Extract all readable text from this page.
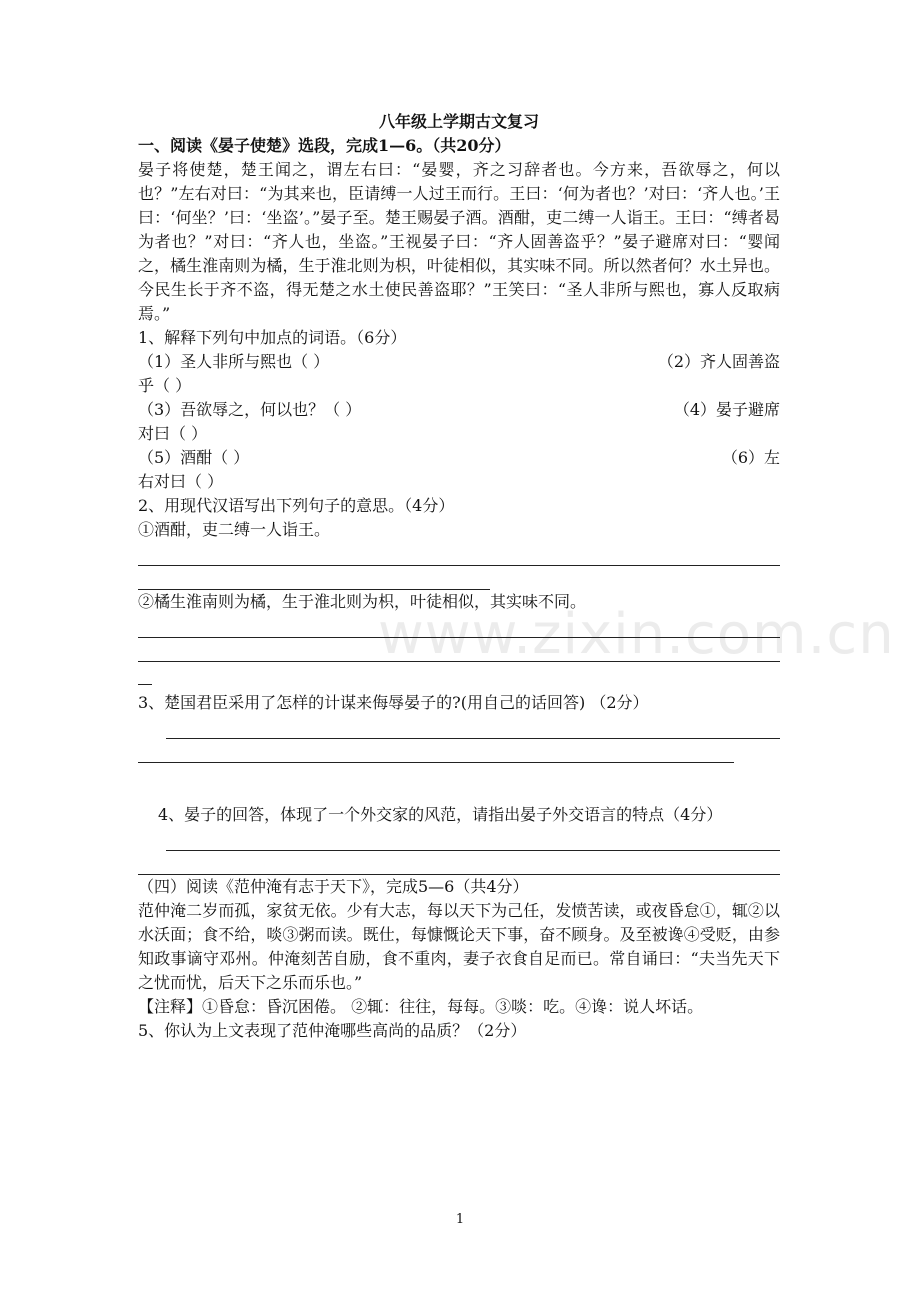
www.zixin.com.cn
八年级上学期古文复习

一、阅读《晏子使楚》选段，完成1—6。（共20分）

晏子将使楚，楚王闻之，谓左右曰：“晏婴，齐之习辞者也。今方来，吾欲辱之，何以也？”左右对曰：“为其来也，臣请缚一人过王而行。王曰：‘何为者也？’对曰：‘齐人也。’王曰：‘何坐？’曰：‘坐盗’。”晏子至。楚王赐晏子酒。酒酣，吏二缚一人诣王。王曰：“缚者曷为者也？”对曰：“齐人也，坐盗。”王视晏子曰：“齐人固善盗乎？”晏子避席对曰：“婴闻之，橘生淮南则为橘，生于淮北则为枳，叶徒相似，其实味不同。所以然者何？水土异也。今民生长于齐不盗，得无楚之水土使民善盗耶？”王笑曰：“圣人非所与熙也，寡人反取病焉。”

1、解释下列句中加点的词语。（6分）

（1）圣人非所与熙也（ ）	（2）齐人固善盗

乎（ ）

（3）吾欲辱之，何以也？（ ）	（4）晏子避席

对曰（ ）

（5）酒酣（ ）	（6）左

右对曰（ ）

2、用现代汉语写出下列句子的意思。（4分）

①酒酣，吏二缚一人诣王。

②橘生淮南则为橘，生于淮北则为枳，叶徒相似，其实味不同。

3、楚国君臣采用了怎样的计谋来侮辱晏子的?(用自己的话回答) （2分）

4、晏子的回答，体现了一个外交家的风范，请指出晏子外交语言的特点（4分）

（四）阅读《范仲淹有志于天下》，完成5—6（共4分）

范仲淹二岁而孤，家贫无依。少有大志，每以天下为己任，发愤苦读，或夜昏怠①，辄②以水沃面；食不给，啖③粥而读。既仕，每慷慨论天下事，奋不顾身。及至被谗④受贬，由参知政事谪守邓州。仲淹刻苦自励，食不重肉，妻子衣食自足而已。常自诵曰：“夫当先天下之忧而忧，后天下之乐而乐也。”

【注释】①昏怠：昏沉困倦。 ②辄：往往，每每。③啖：吃。④谗：说人坏话。

5、你认为上文表现了范仲淹哪些高尚的品质？（2分）

1
